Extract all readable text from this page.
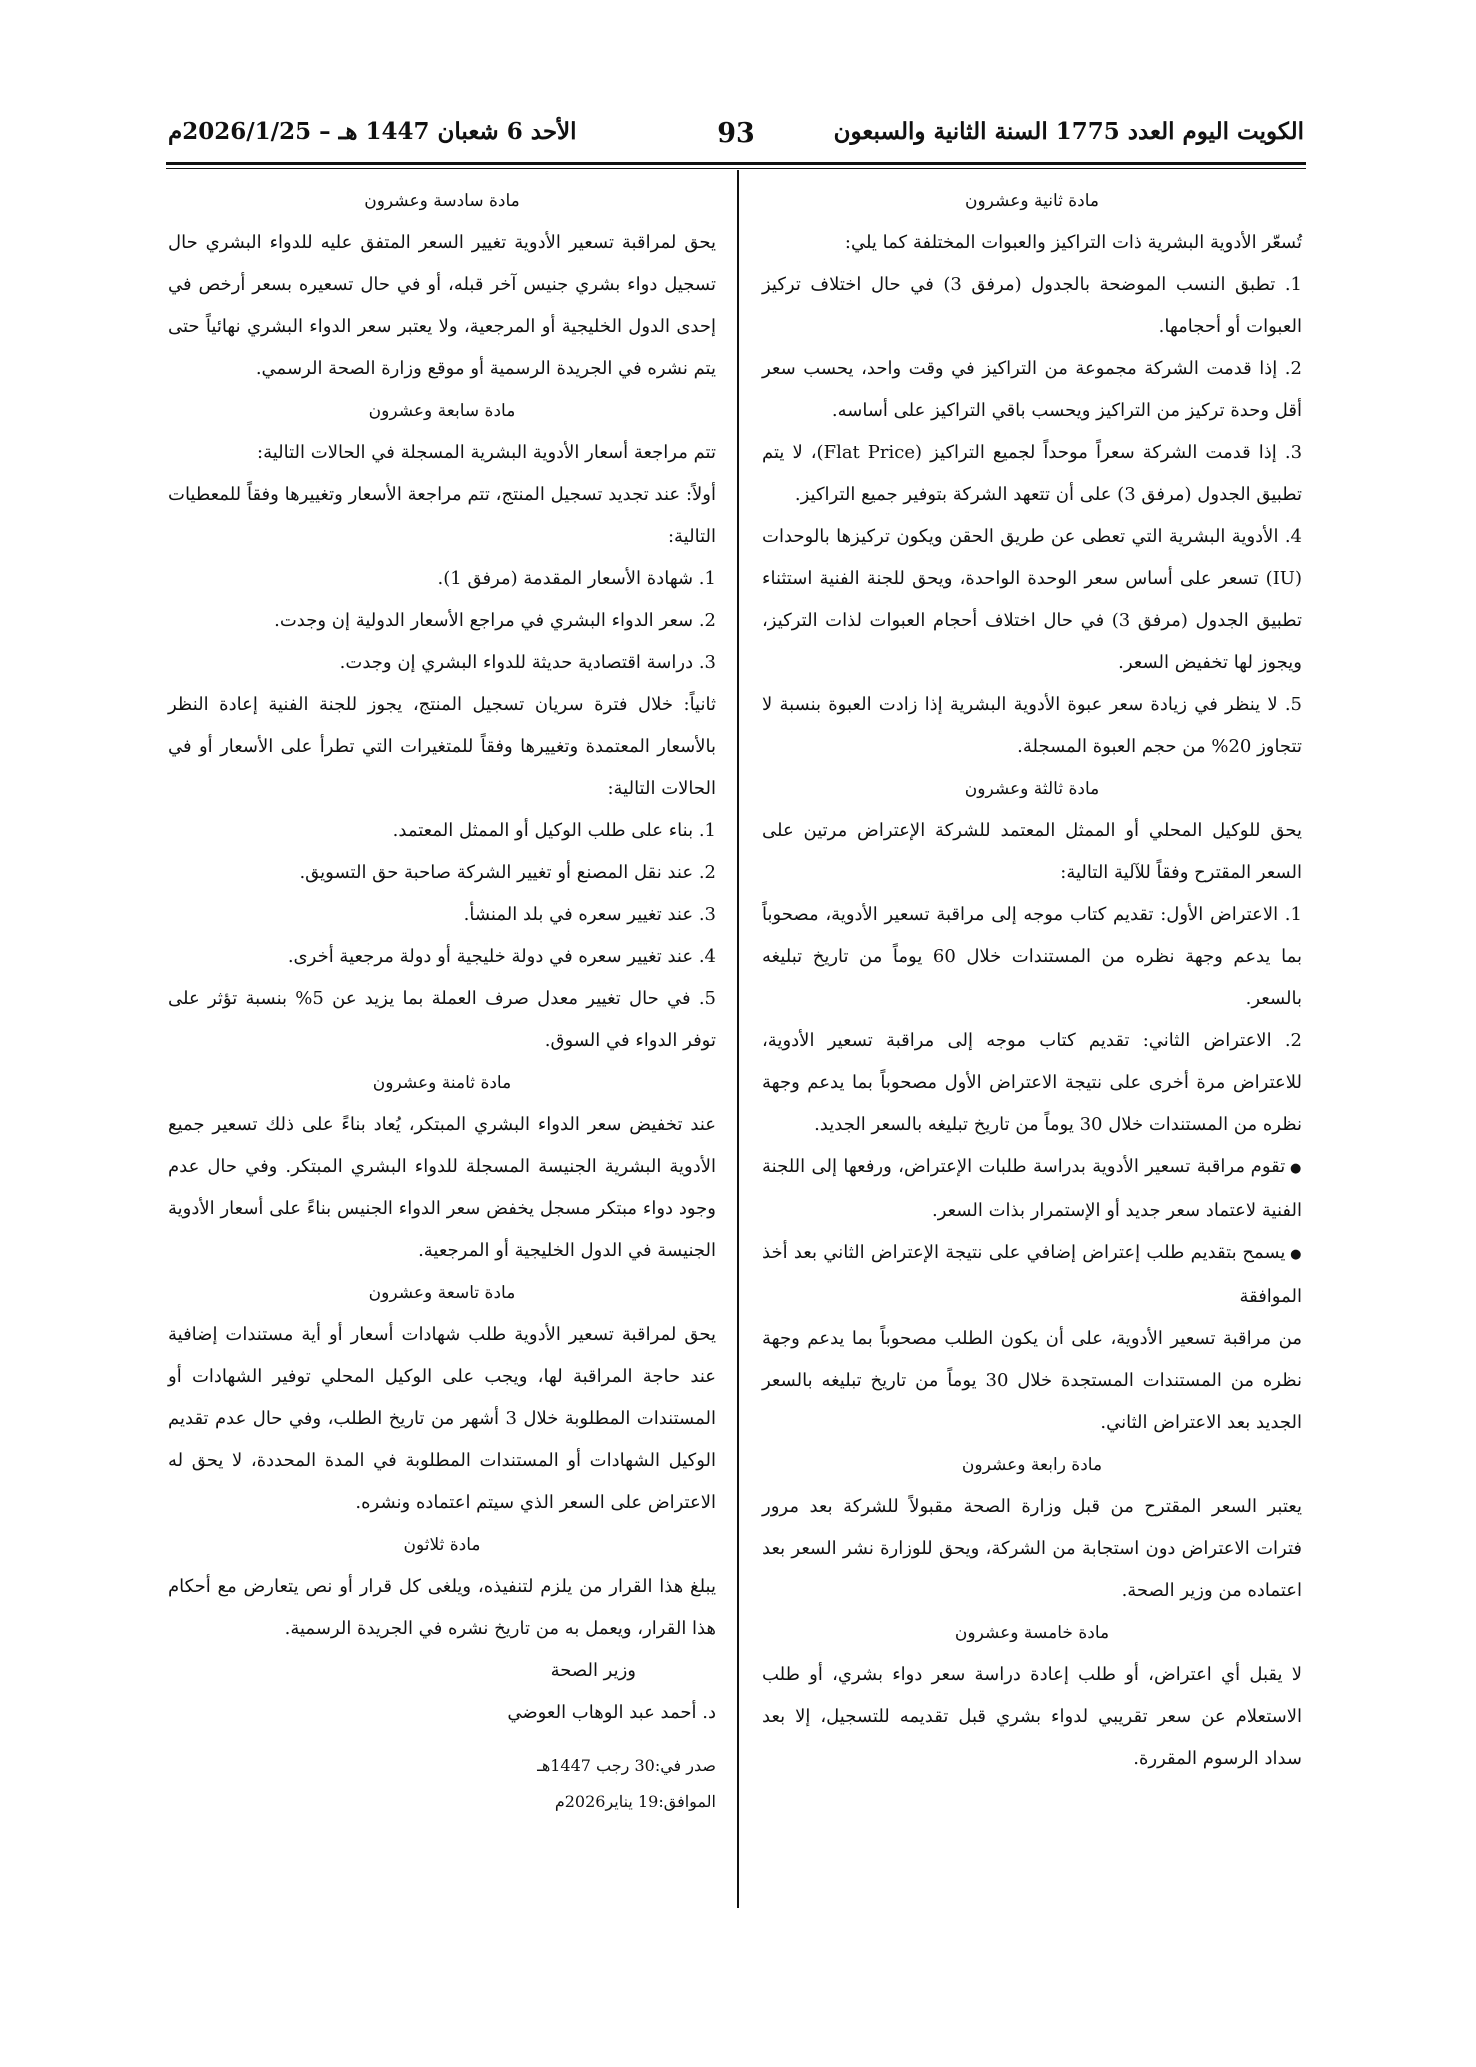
الكويت اليوم العدد 1775 السنة الثانية والسبعون
93
الأحد 6 شعبان 1447 هـ – 2026/1/25م

مادة ثانية وعشرون

تُسعّر الأدوية البشرية ذات التراكيز والعبوات المختلفة كما يلي:

1. تطبق النسب الموضحة بالجدول (مرفق 3) في حال اختلاف تركيز العبوات أو أحجامها.

2. إذا قدمت الشركة مجموعة من التراكيز في وقت واحد، يحسب سعر أقل وحدة تركيز من التراكيز ويحسب باقي التراكيز على أساسه.

3. إذا قدمت الشركة سعراً موحداً لجميع التراكيز (Flat Price)، لا يتم تطبيق الجدول (مرفق 3) على أن تتعهد الشركة بتوفير جميع التراكيز.

4. الأدوية البشرية التي تعطى عن طريق الحقن ويكون تركيزها بالوحدات (IU) تسعر على أساس سعر الوحدة الواحدة، ويحق للجنة الفنية استثناء تطبيق الجدول (مرفق 3) في حال اختلاف أحجام العبوات لذات التركيز، ويجوز لها تخفيض السعر.

5. لا ينظر في زيادة سعر عبوة الأدوية البشرية إذا زادت العبوة بنسبة لا تتجاوز 20% من حجم العبوة المسجلة.

مادة ثالثة وعشرون

يحق للوكيل المحلي أو الممثل المعتمد للشركة الإعتراض مرتين على السعر المقترح وفقاً للآلية التالية:

1. الاعتراض الأول: تقديم كتاب موجه إلى مراقبة تسعير الأدوية، مصحوباً بما يدعم وجهة نظره من المستندات خلال 60 يوماً من تاريخ تبليغه بالسعر.

2. الاعتراض الثاني: تقديم كتاب موجه إلى مراقبة تسعير الأدوية، للاعتراض مرة أخرى على نتيجة الاعتراض الأول مصحوباً بما يدعم وجهة نظره من المستندات خلال 30 يوماً من تاريخ تبليغه بالسعر الجديد.

● تقوم مراقبة تسعير الأدوية بدراسة طلبات الإعتراض، ورفعها إلى اللجنة الفنية لاعتماد سعر جديد أو الإستمرار بذات السعر.

● يسمح بتقديم طلب إعتراض إضافي على نتيجة الإعتراض الثاني بعد أخذ الموافقة

من مراقبة تسعير الأدوية، على أن يكون الطلب مصحوباً بما يدعم وجهة نظره من المستندات المستجدة خلال 30 يوماً من تاريخ تبليغه بالسعر الجديد بعد الاعتراض الثاني.

مادة رابعة وعشرون

يعتبر السعر المقترح من قبل وزارة الصحة مقبولاً للشركة بعد مرور فترات الاعتراض دون استجابة من الشركة، ويحق للوزارة نشر السعر بعد اعتماده من وزير الصحة.

مادة خامسة وعشرون

لا يقبل أي اعتراض، أو طلب إعادة دراسة سعر دواء بشري، أو طلب الاستعلام عن سعر تقريبي لدواء بشري قبل تقديمه للتسجيل، إلا بعد سداد الرسوم المقررة.

مادة سادسة وعشرون

يحق لمراقبة تسعير الأدوية تغيير السعر المتفق عليه للدواء البشري حال تسجيل دواء بشري جنيس آخر قبله، أو في حال تسعيره بسعر أرخص في إحدى الدول الخليجية أو المرجعية، ولا يعتبر سعر الدواء البشري نهائياً حتى يتم نشره في الجريدة الرسمية أو موقع وزارة الصحة الرسمي.

مادة سابعة وعشرون

تتم مراجعة أسعار الأدوية البشرية المسجلة في الحالات التالية:

أولاً: عند تجديد تسجيل المنتج، تتم مراجعة الأسعار وتغييرها وفقاً للمعطيات التالية:

1. شهادة الأسعار المقدمة (مرفق 1).

2. سعر الدواء البشري في مراجع الأسعار الدولية إن وجدت.

3. دراسة اقتصادية حديثة للدواء البشري إن وجدت.

ثانياً: خلال فترة سريان تسجيل المنتج، يجوز للجنة الفنية إعادة النظر بالأسعار المعتمدة وتغييرها وفقاً للمتغيرات التي تطرأ على الأسعار أو في الحالات التالية:

1. بناء على طلب الوكيل أو الممثل المعتمد.

2. عند نقل المصنع أو تغيير الشركة صاحبة حق التسويق.

3. عند تغيير سعره في بلد المنشأ.

4. عند تغيير سعره في دولة خليجية أو دولة مرجعية أخرى.

5. في حال تغيير معدل صرف العملة بما يزيد عن 5% بنسبة تؤثر على توفر الدواء في السوق.

مادة ثامنة وعشرون

عند تخفيض سعر الدواء البشري المبتكر، يُعاد بناءً على ذلك تسعير جميع الأدوية البشرية الجنيسة المسجلة للدواء البشري المبتكر. وفي حال عدم وجود دواء مبتكر مسجل يخفض سعر الدواء الجنيس بناءً على أسعار الأدوية الجنيسة في الدول الخليجية أو المرجعية.

مادة تاسعة وعشرون

يحق لمراقبة تسعير الأدوية طلب شهادات أسعار أو أية مستندات إضافية عند حاجة المراقبة لها، ويجب على الوكيل المحلي توفير الشهادات أو المستندات المطلوبة خلال 3 أشهر من تاريخ الطلب، وفي حال عدم تقديم الوكيل الشهادات أو المستندات المطلوبة في المدة المحددة، لا يحق له الاعتراض على السعر الذي سيتم اعتماده ونشره.

مادة ثلاثون

يبلغ هذا القرار من يلزم لتنفيذه، ويلغى كل قرار أو نص يتعارض مع أحكام هذا القرار، ويعمل به من تاريخ نشره في الجريدة الرسمية.

وزير الصحة

د. أحمد عبد الوهاب العوضي

صدر في:30 رجب 1447هـ

الموافق:19 يناير2026م
